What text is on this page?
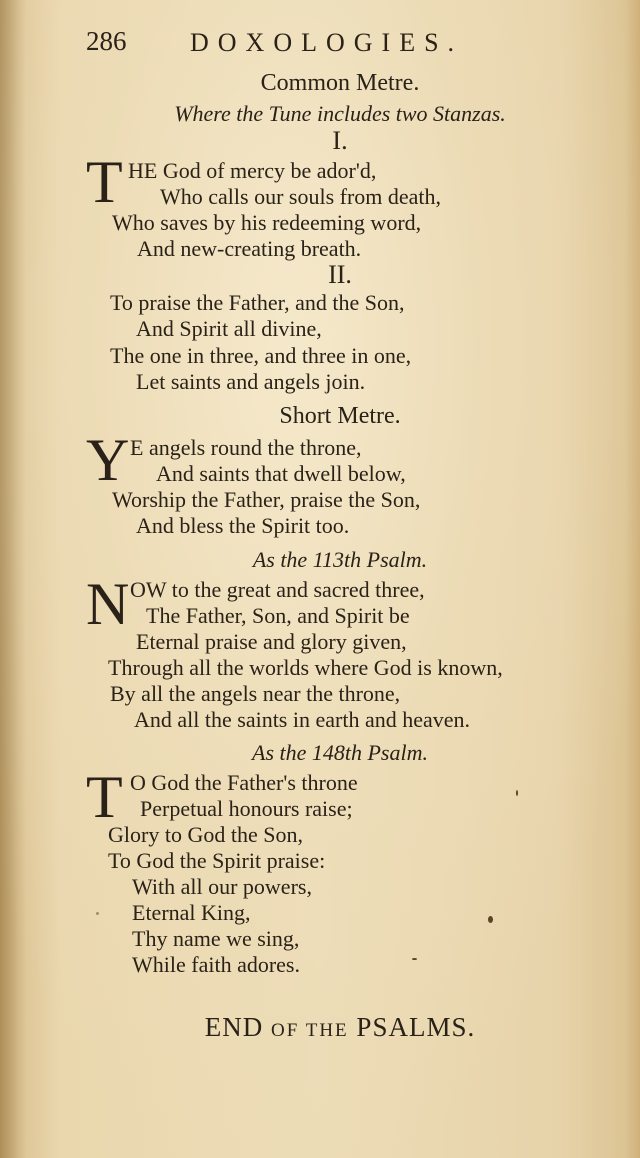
286 DOXOLOGIES.
Common Metre.
Where the Tune includes two Stanzas.
I.
T HE God of mercy be ador'd,
Who calls our souls from death,
Who saves by his redeeming word,
And new-creating breath.
II.
To praise the Father, and the Son,
And Spirit all divine,
The one in three, and three in one,
Let saints and angels join.
Short Metre.
Y E angels round the throne,
And saints that dwell below,
Worship the Father, praise the Son,
And bless the Spirit too.
As the 113th Psalm.
N OW to the great and sacred three,
The Father, Son, and Spirit be
Eternal praise and glory given,
Through all the worlds where God is known,
By all the angels near the throne,
And all the saints in earth and heaven.
As the 148th Psalm.
T O God the Father's throne
Perpetual honours raise;
Glory to God the Son,
To God the Spirit praise:
With all our powers,
Eternal King,
Thy name we sing,
While faith adores.
END OF THE PSALMS.
